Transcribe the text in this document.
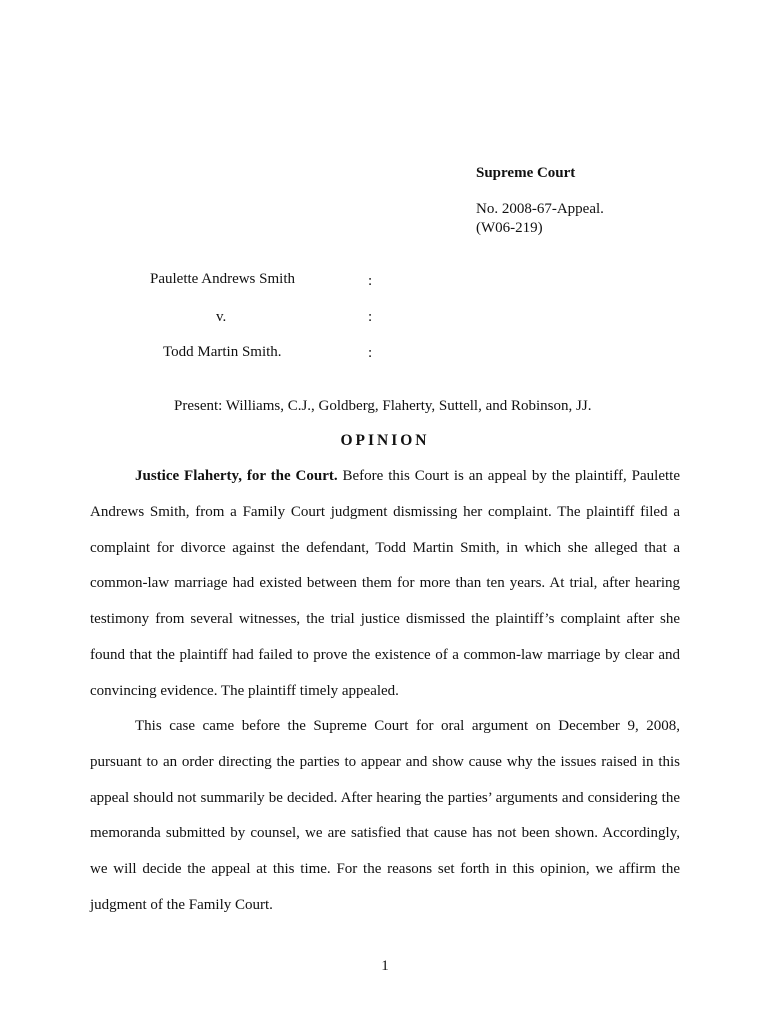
Supreme Court
No. 2008-67-Appeal.
(W06-219)
Paulette Andrews Smith	:
v.	:
Todd Martin Smith.	:
Present: Williams, C.J., Goldberg, Flaherty, Suttell, and Robinson, JJ.
OPINION

Justice Flaherty, for the Court. Before this Court is an appeal by the plaintiff, Paulette Andrews Smith, from a Family Court judgment dismissing her complaint. The plaintiff filed a complaint for divorce against the defendant, Todd Martin Smith, in which she alleged that a common-law marriage had existed between them for more than ten years. At trial, after hearing testimony from several witnesses, the trial justice dismissed the plaintiff’s complaint after she found that the plaintiff had failed to prove the existence of a common-law marriage by clear and convincing evidence. The plaintiff timely appealed.

This case came before the Supreme Court for oral argument on December 9, 2008, pursuant to an order directing the parties to appear and show cause why the issues raised in this appeal should not summarily be decided. After hearing the parties’ arguments and considering the memoranda submitted by counsel, we are satisfied that cause has not been shown. Accordingly, we will decide the appeal at this time. For the reasons set forth in this opinion, we affirm the judgment of the Family Court.

1
